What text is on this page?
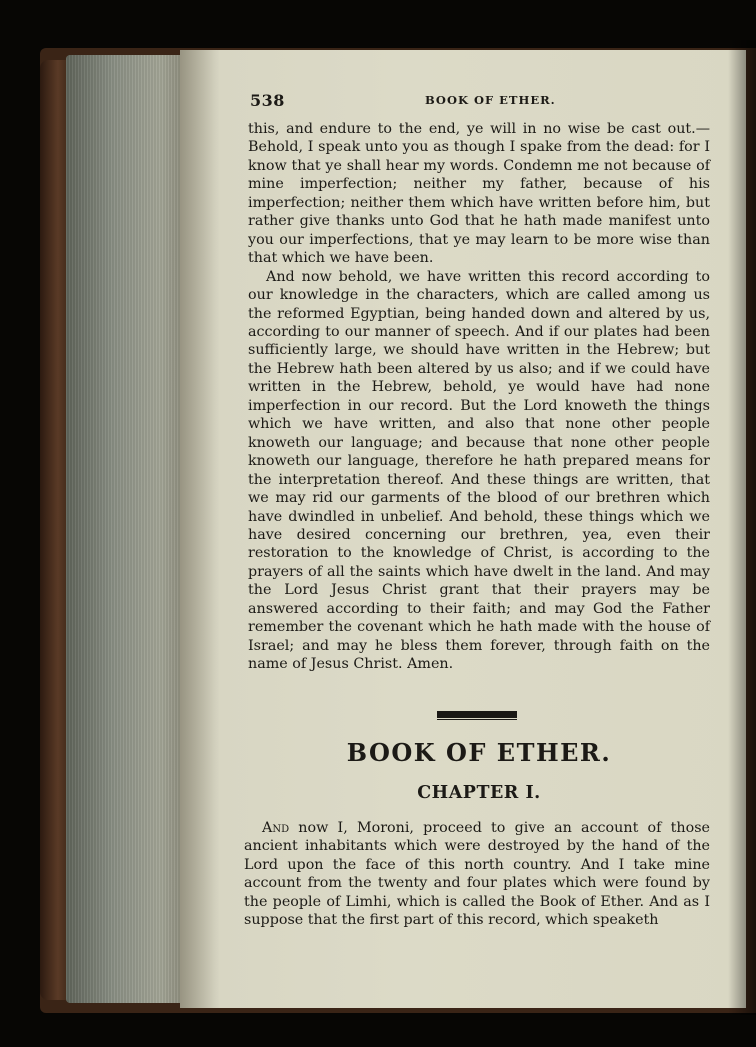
538	BOOK OF ETHER.

this, and endure to the end, ye will in no wise be cast out.— Behold, I speak unto you as though I spake from the dead: for I know that ye shall hear my words. Condemn me not because of mine imperfection; neither my father, because of his imperfection; neither them which have written before him, but rather give thanks unto God that he hath made manifest unto you our imperfections, that ye may learn to be more wise than that which we have been.

And now behold, we have written this record according to our knowledge in the characters, which are called among us the reformed Egyptian, being handed down and altered by us, according to our manner of speech. And if our plates had been sufficiently large, we should have written in the Hebrew; but the Hebrew hath been altered by us also; and if we could have written in the Hebrew, behold, ye would have had none imperfection in our record. But the Lord knoweth the things which we have written, and also that none other people knoweth our language; and because that none other people knoweth our language, therefore he hath prepared means for the interpretation thereof. And these things are written, that we may rid our garments of the blood of our brethren which have dwindled in unbelief. And behold, these things which we have desired concerning our brethren, yea, even their restoration to the knowledge of Christ, is according to the prayers of all the saints which have dwelt in the land. And may the Lord Jesus Christ grant that their prayers may be answered according to their faith; and may God the Father remember the covenant which he hath made with the house of Israel; and may he bless them forever, through faith on the name of Jesus Christ. Amen.

BOOK OF ETHER.
CHAPTER I.

And now I, Moroni, proceed to give an account of those ancient inhabitants which were destroyed by the hand of the Lord upon the face of this north country. And I take mine account from the twenty and four plates which were found by the people of Limhi, which is called the Book of Ether. And as I suppose that the first part of this record, which speaketh
